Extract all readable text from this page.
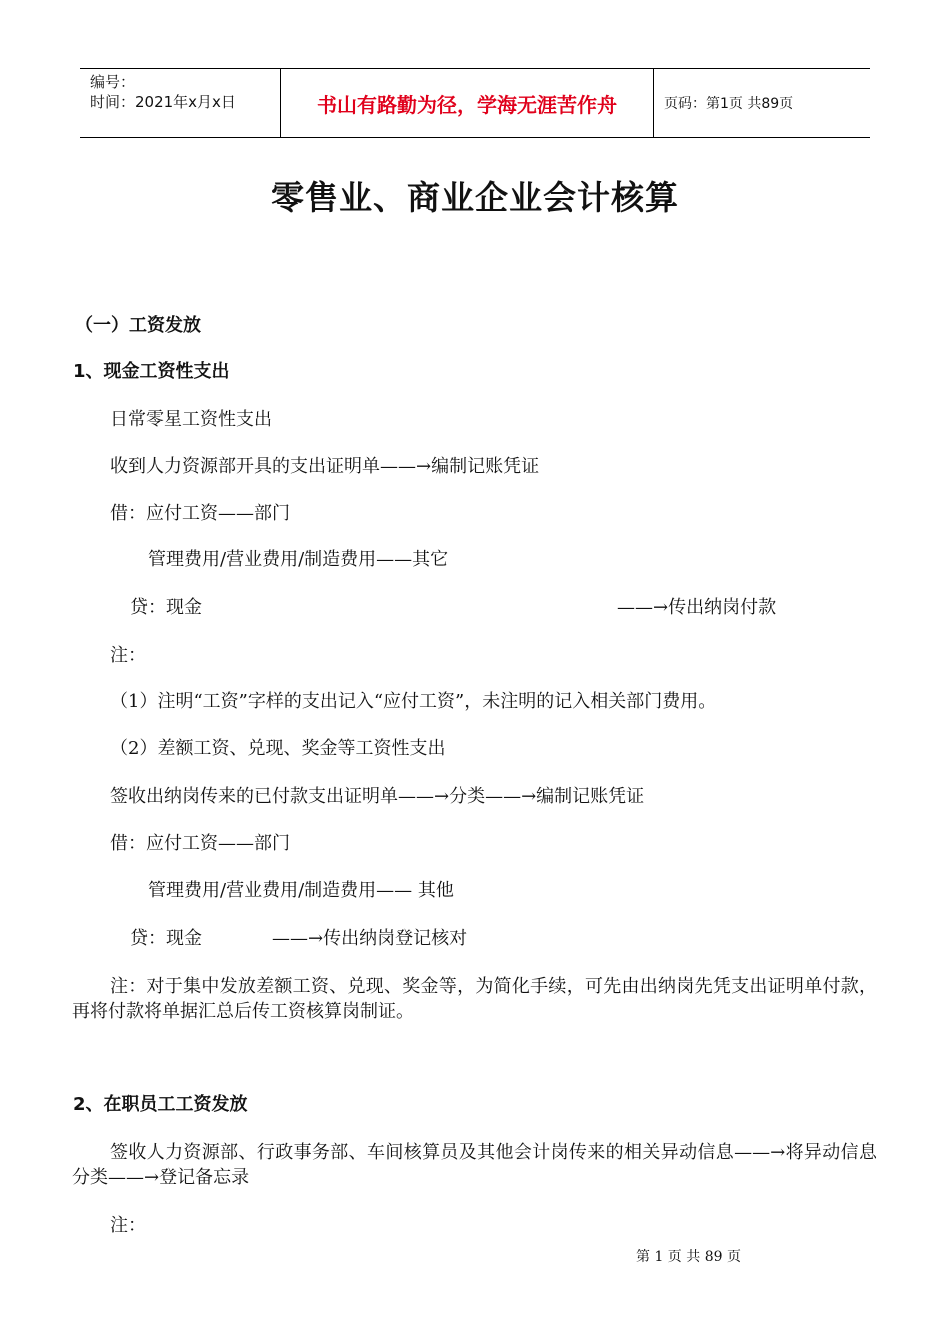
编号：
时间：2021年x月x日	书山有路勤为径，学海无涯苦作舟	页码：第1页 共89页
零售业、商业企业会计核算
（一）工资发放
1、现金工资性支出
日常零星工资性支出
收到人力资源部开具的支出证明单——→编制记账凭证
借：应付工资——部门
管理费用/营业费用/制造费用——其它
贷：现金	——→传出纳岗付款
注：
（1）注明“工资”字样的支出记入“应付工资”，未注明的记入相关部门费用。
（2）差额工资、兑现、奖金等工资性支出
签收出纳岗传来的已付款支出证明单——→分类——→编制记账凭证
借：应付工资——部门
管理费用/营业费用/制造费用—— 其他
贷：现金	——→传出纳岗登记核对
注：对于集中发放差额工资、兑现、奖金等，为简化手续，可先由出纳岗先凭支出证明单付款，再将付款将单据汇总后传工资核算岗制证。
2、在职员工工资发放
签收人力资源部、行政事务部、车间核算员及其他会计岗传来的相关异动信息——→将异动信息分类——→登记备忘录
注：
第 1 页 共 89 页
